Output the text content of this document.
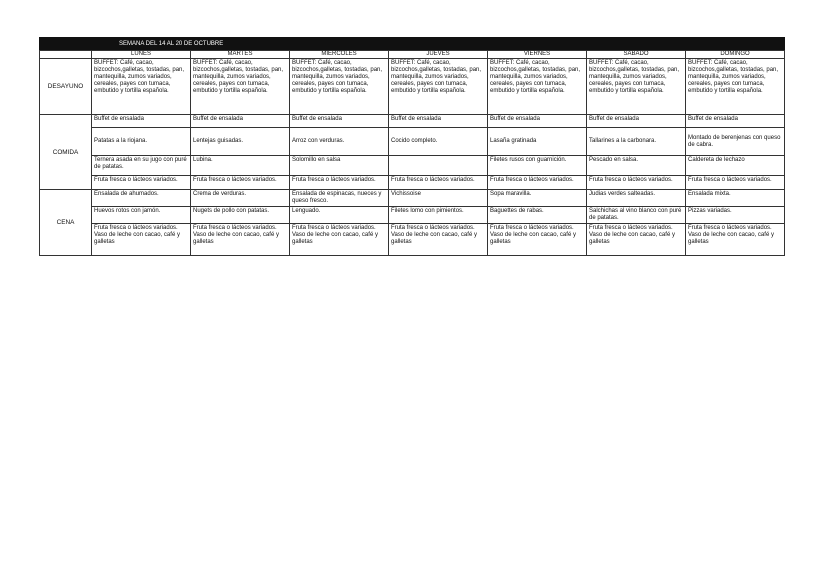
SEMANA DEL 14 AL 20 DE OCTUBRE
	LUNES	MARTES	MIERCOLES	JUEVES	VIERNES	SABADO	DOMINGO
DESAYUNO	BUFFET: Café, cacao, bizcochos,galletas, tostadas, pan, mantequilla, zumos variados, cereales, payes con tumaca, embutido y tortilla española.	BUFFET: Café, cacao, bizcochos,galletas, tostadas, pan, mantequilla, zumos variados, cereales, payes con tumaca, embutido y tortilla española.	BUFFET: Café, cacao, bizcochos,galletas, tostadas, pan, mantequilla, zumos variados, cereales, payes con tumaca, embutido y tortilla española.	BUFFET: Café, cacao, bizcochos,galletas, tostadas, pan, mantequilla, zumos variados, cereales, payes con tumaca, embutido y tortilla española.	BUFFET: Café, cacao, bizcochos,galletas, tostadas, pan, mantequilla, zumos variados, cereales, payes con tumaca, embutido y tortilla española.	BUFFET: Café, cacao, bizcochos,galletas, tostadas, pan, mantequilla, zumos variados, cereales, payes con tumaca, embutido y tortilla española.	BUFFET: Café, cacao, bizcochos,galletas, tostadas, pan, mantequilla, zumos variados, cereales, payes con tumaca, embutido y tortilla española.
COMIDA	Buffet de ensalada	Buffet de ensalada	Buffet de ensalada	Buffet de ensalada	Buffet de ensalada	Buffet de ensalada	Buffet de ensalada
	Patatas a la riojana.	Lentejas guisadas.	Arroz con verduras.	Cocido completo.	Lasaña gratinada	Tallarines a la carbonara.	Montado de berenjenas con queso de cabra.
	Ternera asada en su jugo con puré de patatas.	Lubina.	Solomillo en salsa		Filetes rusos con guarnición.	Pescado en salsa.	Caldereta de lechazo
	Fruta fresca o lácteos variados.	Fruta fresca o lácteos variados.	Fruta fresca o lácteos variados.	Fruta fresca o lácteos variados.	Fruta fresca o lácteos variados.	Fruta fresca o lácteos variados.	Fruta fresca o lácteos variados.
CENA	Ensalada de ahumados.	Crema de verduras.	Ensalada de espinacas, nueces y queso fresco.	Vichissoise	Sopa maravilla.	Judias verdes salteadas.	Ensalada mixta.
	Huevos rotos con jamón.	Nugets de pollo con patatas.	Lenguado.	Filetes lomo con pimientos.	Baguettes de rabas.	Salchichas al vino blanco con puré de patatas.	Pizzas variadas.
	Fruta fresca o lácteos variados. Vaso de leche con cacao, café y galletas	Fruta fresca o lácteos variados. Vaso de leche con cacao, café y galletas	Fruta fresca o lácteos variados. Vaso de leche con cacao, café y galletas	Fruta fresca o lácteos variados. Vaso de leche con cacao, café y galletas	Fruta fresca o lácteos variados. Vaso de leche con cacao, café y galletas	Fruta fresca o lácteos variados. Vaso de leche con cacao, café y galletas	Fruta fresca o lácteos variados. Vaso de leche con cacao, café y galletas
